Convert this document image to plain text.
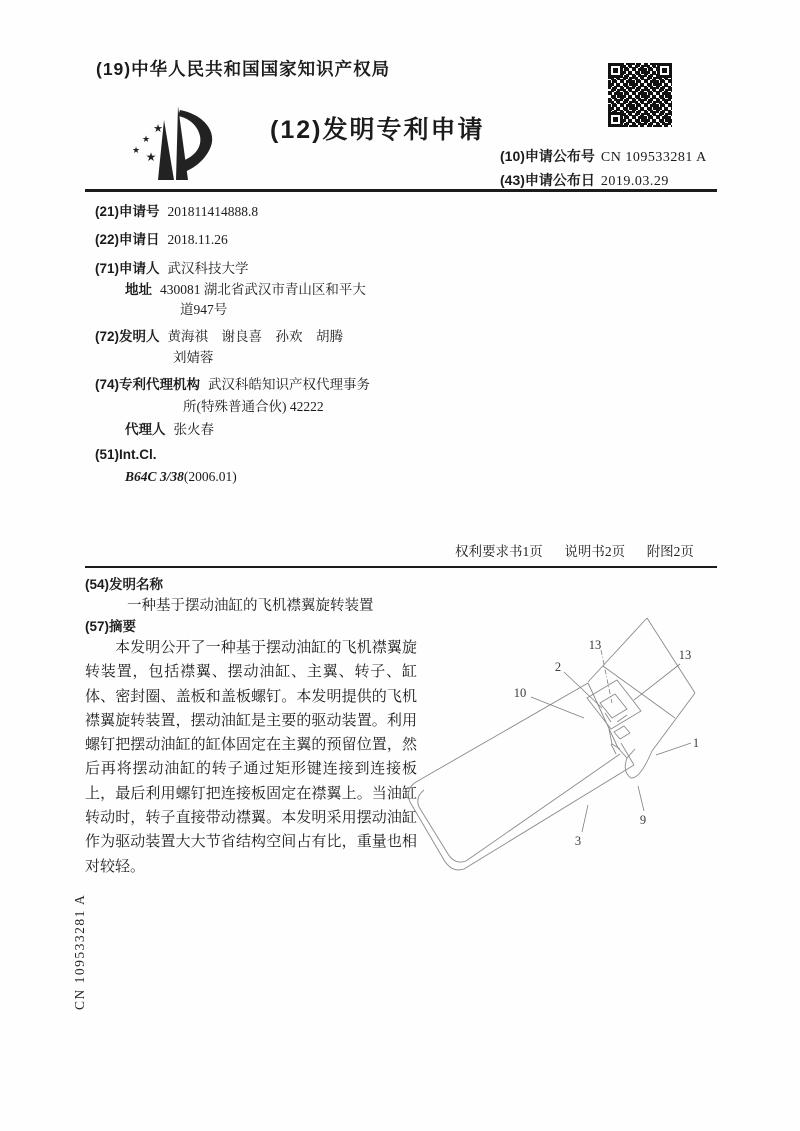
(19)中华人民共和国国家知识产权局
★
★
★ ★
★
(12)发明专利申请
(10)申请公布号 CN 109533281 A
(43)申请公布日 2019.03.29
(21)申请号 201811414888.8
(22)申请日 2018.11.26
(71)申请人 武汉科技大学
地址 430081 湖北省武汉市青山区和平大
道947号
(72)发明人 黄海祺　谢良喜　孙欢　胡腾
刘婧蓉
(74)专利代理机构 武汉科皓知识产权代理事务
所(特殊普通合伙) 42222
代理人 张火春
(51)Int.Cl.
B64C 3/38(2006.01)
权利要求书1页 说明书2页 附图2页
(54)发明名称
一种基于摆动油缸的飞机襟翼旋转装置
(57)摘要
本发明公开了一种基于摆动油缸的飞机襟翼旋转装置，包括襟翼、摆动油缸、主翼、转子、缸体、密封圈、盖板和盖板螺钉。本发明提供的飞机襟翼旋转装置，摆动油缸是主要的驱动装置。利用螺钉把摆动油缸的缸体固定在主翼的预留位置，然后再将摆动油缸的转子通过矩形键连接到连接板上，最后利用螺钉把连接板固定在襟翼上。当油缸转动时，转子直接带动襟翼。本发明采用摆动油缸作为驱动装置大大节省结构空间占有比，重量也相对较轻。
13
13
2
10
1
9
3
CN 109533281 A
